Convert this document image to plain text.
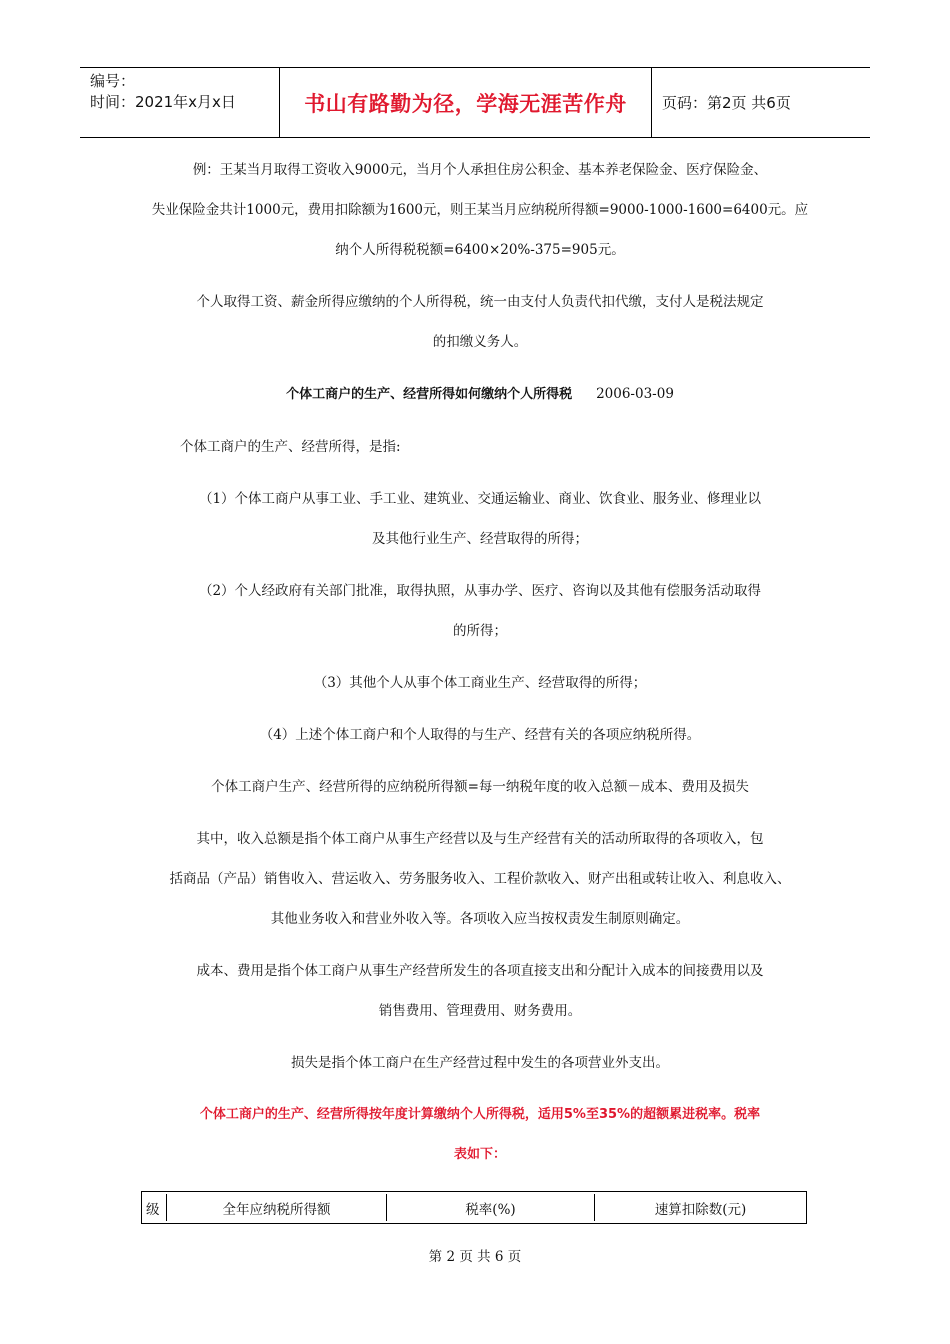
编号：
时间：2021年x月x日	书山有路勤为径，学海无涯苦作舟	页码：第2页 共6页

例：王某当月取得工资收入9000元，当月个人承担住房公积金、基本养老保险金、医疗保险金、
失业保险金共计1000元，费用扣除额为1600元，则王某当月应纳税所得额=9000-1000-1600=6400元。应
纳个人所得税税额=6400×20%-375=905元。

个人取得工资、薪金所得应缴纳的个人所得税，统一由支付人负责代扣代缴，支付人是税法规定
的扣缴义务人。

个体工商户的生产、经营所得如何缴纳个人所得税 2006-03-09

个体工商户的生产、经营所得，是指:

（1）个体工商户从事工业、手工业、建筑业、交通运输业、商业、饮食业、服务业、修理业以
及其他行业生产、经营取得的所得；

（2）个人经政府有关部门批准，取得执照，从事办学、医疗、咨询以及其他有偿服务活动取得
的所得；

（3）其他个人从事个体工商业生产、经营取得的所得；

（4）上述个体工商户和个人取得的与生产、经营有关的各项应纳税所得。

个体工商户生产、经营所得的应纳税所得额=每一纳税年度的收入总额－成本、费用及损失

其中，收入总额是指个体工商户从事生产经营以及与生产经营有关的活动所取得的各项收入，包
括商品（产品）销售收入、营运收入、劳务服务收入、工程价款收入、财产出租或转让收入、利息收入、
其他业务收入和营业外收入等。各项收入应当按权责发生制原则确定。

成本、费用是指个体工商户从事生产经营所发生的各项直接支出和分配计入成本的间接费用以及
销售费用、管理费用、财务费用。

损失是指个体工商户在生产经营过程中发生的各项营业外支出。

个体工商户的生产、经营所得按年度计算缴纳个人所得税，适用5%至35%的超额累进税率。税率
表如下：

级	全年应纳税所得额	税率(%)	速算扣除数(元)
第 2 页 共 6 页
